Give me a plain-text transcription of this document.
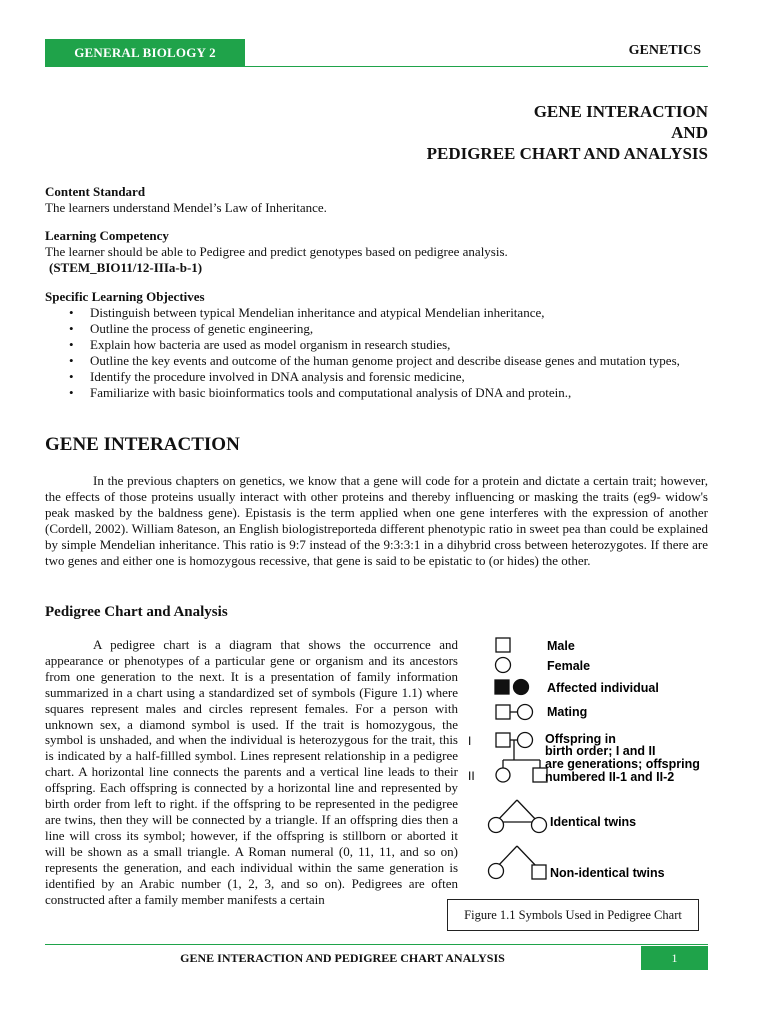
GENERAL BIOLOGY 2	GENETICS
GENE INTERACTION
AND
PEDIGREE CHART AND ANALYSIS
Content Standard
The learners understand Mendel’s Law of Inheritance.
Learning Competency
The learner should be able to Pedigree and predict genotypes based on pedigree analysis.
(STEM_BIO11/12-IIIa-b-1)
Specific Learning Objectives
• Distinguish between typical Mendelian inheritance and atypical Mendelian inheritance,
• Outline the process of genetic engineering,
• Explain how bacteria are used as model organism in research studies,
• Outline the key events and outcome of the human genome project and describe disease genes and mutation types,
• Identify the procedure involved in DNA analysis and forensic medicine,
• Familiarize with basic bioinformatics tools and computational analysis of DNA and protein.,
GENE INTERACTION
In the previous chapters on genetics, we know that a gene will code for a protein and dictate a certain trait; however, the effects of those proteins usually interact with other proteins and thereby influencing or masking the traits (eg9- widow's peak masked by the baldness gene). Epistasis is the term applied when one gene interferes with the expression of another (Cordell, 2002). William 8ateson, an English biologistreporteda different phenotypic ratio in sweet pea than could be explained by simple Mendelian inheritance. This ratio is 9:7 instead of the 9:3:3:1 in a dihybrid cross between heterozygotes. If there are two genes and either one is homozygous recessive, that gene is said to be epistatic to (or hides) the other.
Pedigree Chart and Analysis
A pedigree chart is a diagram that shows the occurrence and appearance or phenotypes of a particular gene or organism and its ancestors from one generation to the next. It is a presentation of family information summarized in a chart using a standardized set of symbols (Figure 1.1) where squares represent males and circles represent females. For a person with unknown sex, a diamond symbol is used. If the trait is homozygous, the symbol is unshaded, and when the individual is heterozygous for the trait, this is indicated by a half-fillled symbol. Lines represent relationship in a pedigree chart. A horizontal line connects the parents and a vertical line leads to their offspring. Each offspring is connected by a horizontal line and represented by birth order from left to right. if the offspring to be represented in the pedigree are twins, then they will be connected by a triangle. If an offspring dies then a line will cross its symbol; however, if the offspring is stillborn or aborted it will be shown as a small triangle. A Roman numeral (0, 11, 11, and so on) represents the generation, and each individual within the same generation is identified by an Arabic number (1, 2, 3, and so on). Pedigrees are often constructed after a family member manifests a certain
Male
Female
Affected individual
Mating
Offspring in
birth order; I and II
are generations; offspring
numbered II-1 and II-2
Identical twins
Non-identical twins
I
II
Figure 1.1 Symbols Used in Pedigree Chart
GENE INTERACTION AND PEDIGREE CHART ANALYSIS	1
